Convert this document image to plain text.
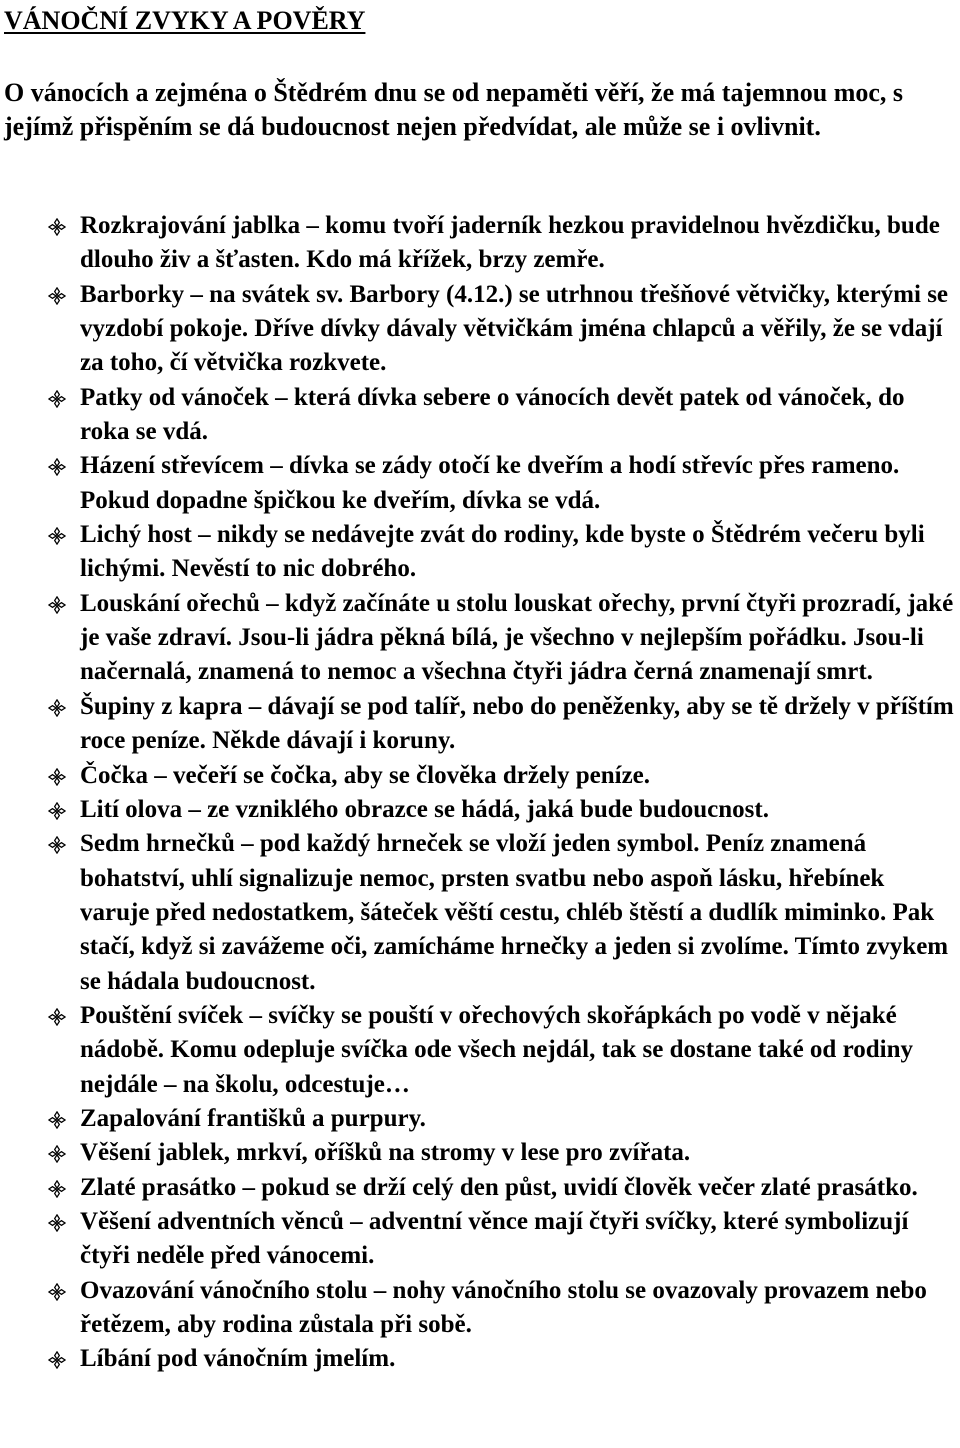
VÁNOČNÍ ZVYKY A POVĚRY

O vánocích a zejména o Štědrém dnu se od nepaměti věří, že má tajemnou moc, s jejímž přispěním se dá budoucnost nejen předvídat, ale může se i ovlivnit.

Rozkrajování jablka – komu tvoří jaderník hezkou pravidelnou hvězdičku, bude dlouho živ a šťasten. Kdo má křížek, brzy zemře.
Barborky – na svátek sv. Barbory (4.12.) se utrhnou třešňové větvičky, kterými se vyzdobí pokoje. Dříve dívky dávaly větvičkám jména chlapců a věřily, že se vdají za toho, čí větvička rozkvete.
Patky od vánoček – která dívka sebere o vánocích devět patek od vánoček, do roka se vdá.
Házení střevícem – dívka se zády otočí ke dveřím a hodí střevíc přes rameno. Pokud dopadne špičkou ke dveřím, dívka se vdá.
Lichý host – nikdy se nedávejte zvát do rodiny, kde byste o Štědrém večeru byli lichými. Nevěstí to nic dobrého.
Louskání ořechů – když začínáte u stolu louskat ořechy, první čtyři prozradí, jaké je vaše zdraví. Jsou-li jádra pěkná bílá, je všechno v nejlepším pořádku. Jsou-li načernalá, znamená to nemoc a všechna čtyři jádra černá znamenají smrt.
Šupiny z kapra – dávají se pod talíř, nebo do peněženky, aby se tě držely v příštím roce peníze. Někde dávají i koruny.
Čočka – večeří se čočka, aby se člověka držely peníze.
Lití olova – ze vzniklého obrazce se hádá, jaká bude budoucnost.
Sedm hrnečků – pod každý hrneček se vloží jeden symbol. Peníz znamená bohatství, uhlí signalizuje nemoc, prsten svatbu nebo aspoň lásku, hřebínek varuje před nedostatkem, šáteček věští cestu, chléb štěstí a dudlík miminko. Pak stačí, když si zavážeme oči, zamícháme hrnečky a jeden si zvolíme. Tímto zvykem se hádala budoucnost.
Pouštění svíček – svíčky se pouští v ořechových skořápkách po vodě v nějaké nádobě. Komu odepluje svíčka ode všech nejdál, tak se dostane také od rodiny nejdále – na školu, odcestuje…
Zapalování františků a purpury.
Věšení jablek, mrkví, oříšků na stromy v lese pro zvířata.
Zlaté prasátko – pokud se drží celý den půst, uvidí člověk večer zlaté prasátko.
Věšení adventních věnců – adventní věnce mají čtyři svíčky, které symbolizují čtyři neděle před vánocemi.
Ovazování vánočního stolu – nohy vánočního stolu se ovazovaly provazem nebo řetězem, aby rodina zůstala při sobě.
Líbání pod vánočním jmelím.
